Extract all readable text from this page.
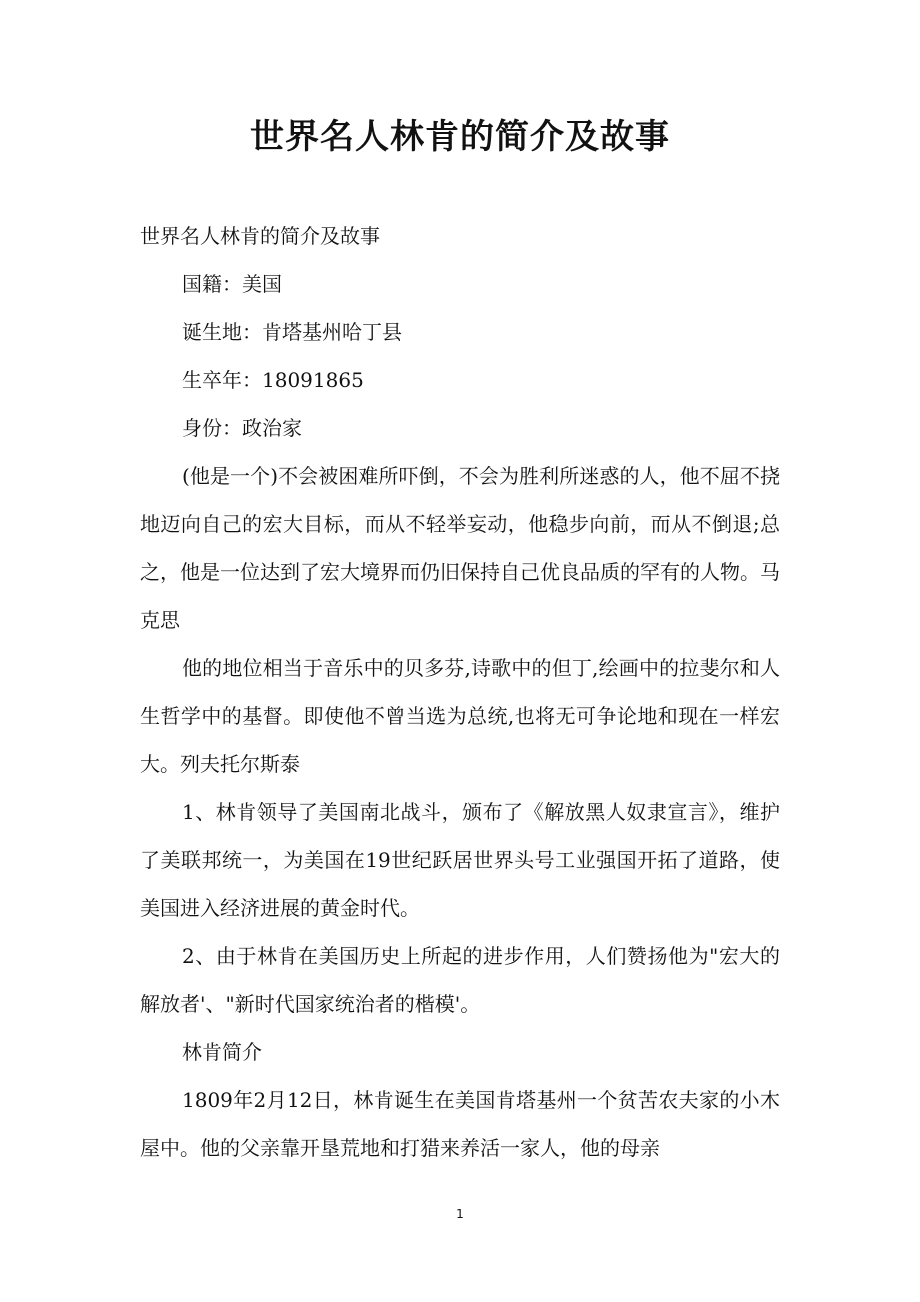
世界名人林肯的简介及故事

世界名人林肯的简介及故事

国籍：美国

诞生地：肯塔基州哈丁县

生卒年：18091865

身份：政治家

(他是一个)不会被困难所吓倒，不会为胜利所迷惑的人，他不屈不挠地迈向自己的宏大目标，而从不轻举妄动，他稳步向前，而从不倒退;总之，他是一位达到了宏大境界而仍旧保持自己优良品质的罕有的人物。马克思

他的地位相当于音乐中的贝多芬,诗歌中的但丁,绘画中的拉斐尔和人生哲学中的基督。即使他不曾当选为总统,也将无可争论地和现在一样宏大。列夫托尔斯泰

1、林肯领导了美国南北战斗，颁布了《解放黑人奴隶宣言》，维护了美联邦统一，为美国在19世纪跃居世界头号工业强国开拓了道路，使美国进入经济进展的黄金时代。

2、由于林肯在美国历史上所起的进步作用，人们赞扬他为"宏大的解放者'、"新时代国家统治者的楷模'。

林肯简介

1809年2月12日，林肯诞生在美国肯塔基州一个贫苦农夫家的小木屋中。他的父亲靠开垦荒地和打猎来养活一家人，他的母亲

1
